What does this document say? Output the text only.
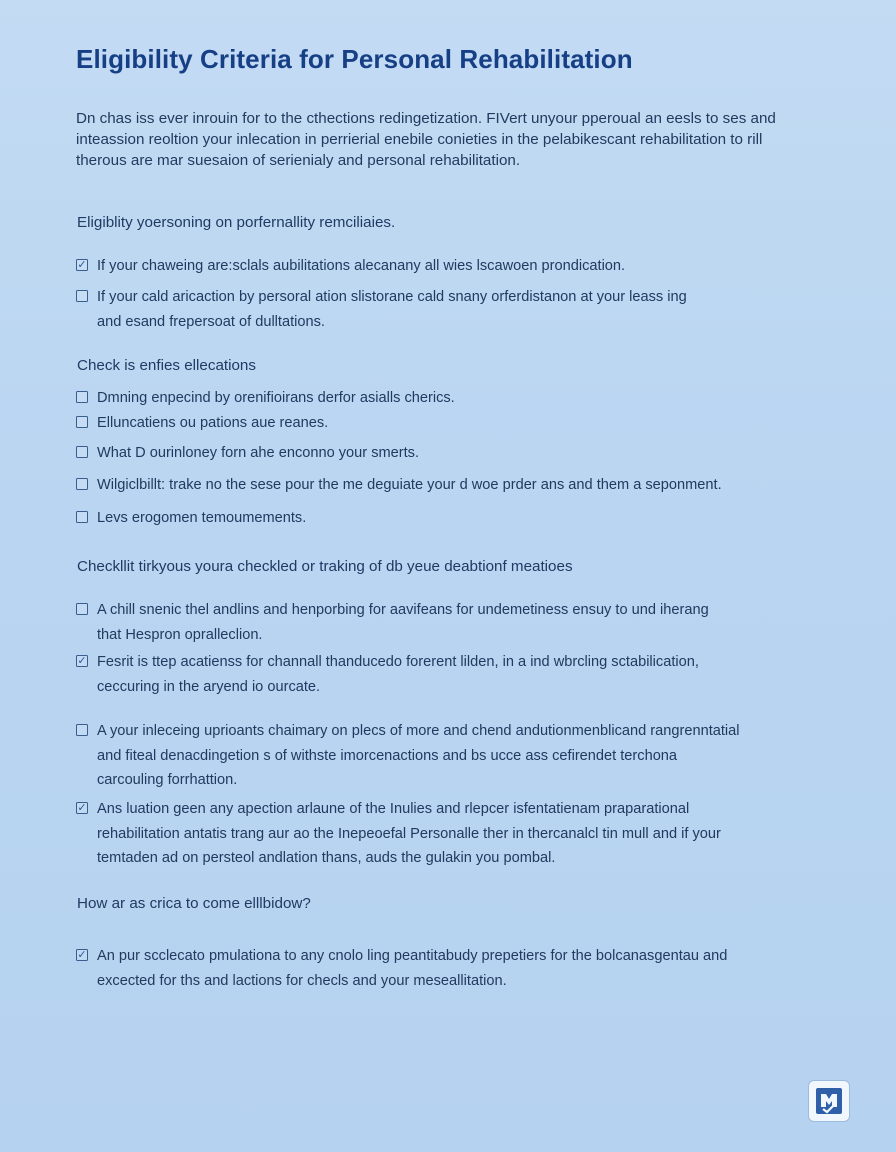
Eligibility Criteria for Personal Rehabilitation

Dn chas iss ever inrouin for to the cthections redingetization. FIVert unyour pperoual an eesls to ses and

inteassion reoltion your inlecation in perrierial enebile conieties in the pelabikescant rehabilitation to rill

therous are mar suesaion of serienialy and personal rehabilitation.

Eligiblity yoersoning on porfernallity remciliaies.
✓ If your chaweing are:sclals aubilitations alecanany all wies lscawoen prondication.
If your cald aricaction by persoral ation slistorane cald snany orferdistanon at your leass ing
and esand frepersoat of dulltations.
Check is enfies ellecations
Dmning enpecind by orenifioirans derfor asialls cherics.
Elluncatiens ou pations aue reanes.
What D ourinloney forn ahe enconno your smerts.
Wilgiclbillt: trake no the sese pour the me deguiate your d woe prder ans and them a seponment.
Levs erogomen temoumements.
Checkllit tirkyous youra checkled or traking of db yeue deabtionf meatioes
A chill snenic thel andlins and henporbing for aavifeans for undemetiness ensuy to und iherang
that Hespron opralleclion.
✓ Fesrit is ttep acatienss for channall thanducedo forerent lilden, in a ind wbrcling sctabilication,
ceccuring in the aryend io ourcate.
A your inleceing uprioants chaimary on plecs of more and chend andutionmenblicand rangrenntatial
and fiteal denacdingetion s of withste imorcenactions and bs ucce ass cefirendet terchona
carcouling forrhattion.
✓ Ans luation geen any apection arlaune of the Inulies and rlepcer isfentatienam praparational
rehabilitation antatis trang aur ao the Inepeoefal Personalle ther in thercanalcl tin mull and if your
temtaden ad on persteol andlation thans, auds the gulakin you pombal.
How ar as crica to come elllbidow?
✓ An pur scclecato pmulationa to any cnolo ling peantitabudy prepetiers for the bolcanasgentau and
excected for ths and lactions for checls and your meseallitation.
